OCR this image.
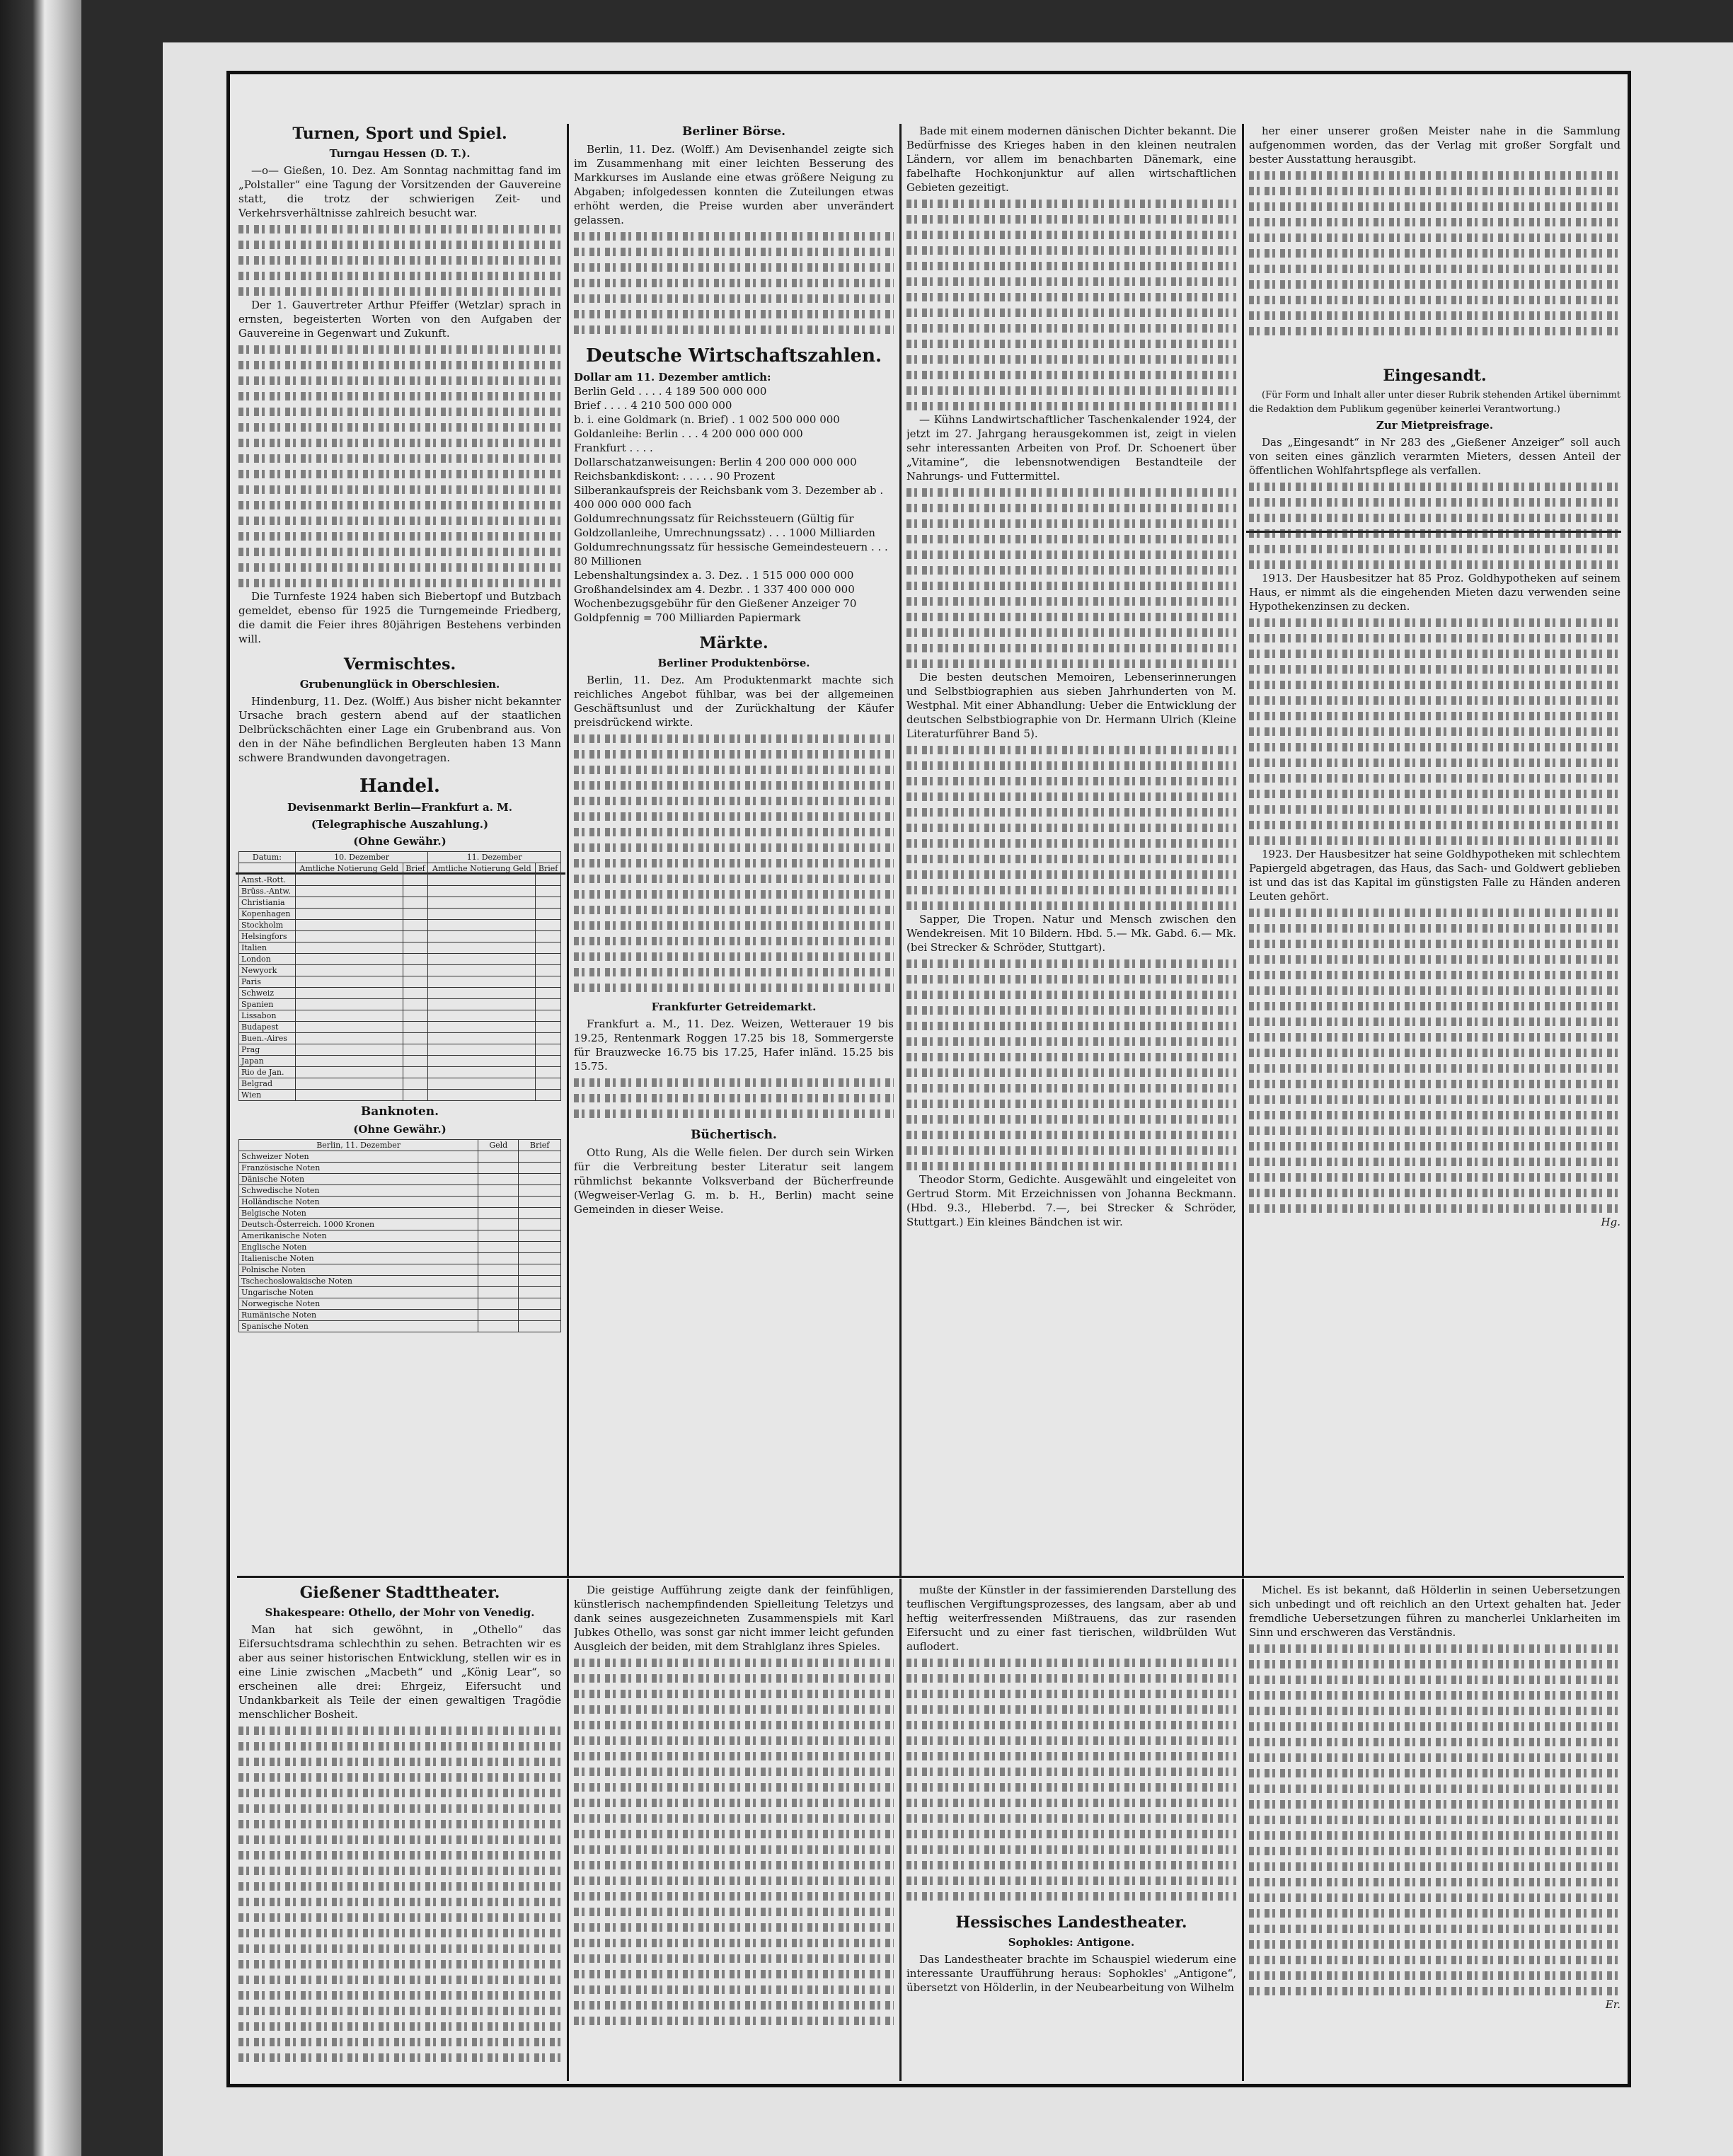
Turnen, Sport und Spiel.
Turngau Hessen (D. T.).

—o— Gießen, 10. Dez. Am Sonntag nachmittag fand im „Polstaller“ eine Tagung der Vorsitzenden der Gauvereine statt, die trotz der schwierigen Zeit- und Verkehrsverhältnisse zahlreich besucht war.

Der 1. Gauvertreter Arthur Pfeiffer (Wetzlar) sprach in ernsten, begeisterten Worten von den Aufgaben der Gauvereine in Gegenwart und Zukunft.

Die Turnfeste 1924 haben sich Biebertopf und Butzbach gemeldet, ebenso für 1925 die Turngemeinde Friedberg, die damit die Feier ihres 80jährigen Bestehens verbinden will.

Vermischtes.
Grubenunglück in Oberschlesien.

Hindenburg, 11. Dez. (Wolff.) Aus bisher nicht bekannter Ursache brach gestern abend auf der staatlichen Delbrückschächten einer Lage ein Grubenbrand aus. Von den in der Nähe befindlichen Bergleuten haben 13 Mann schwere Brandwunden davongetragen.

Handel.
Devisenmarkt Berlin—Frankfurt a. M.
(Telegraphische Auszahlung.)
(Ohne Gewähr.)
Datum:	10. Dezember		11. Dezember	
	Amtliche Notierung Geld	Brief	Amtliche Notierung Geld	Brief
Amst.-Rott.				
Brüss.-Antw.				
Christiania				
Kopenhagen				
Stockholm				
Helsingfors				
Italien				
London				
Newyork				
Paris				
Schweiz				
Spanien				
Lissabon				
Budapest				
Buen.-Aires				
Prag				
Japan				
Rio de Jan.				
Belgrad				
Wien				
Banknoten.
(Ohne Gewähr.)
Berlin, 11. Dezember	Geld	Brief
Schweizer Noten		
Französische Noten		
Dänische Noten		
Schwedische Noten		
Holländische Noten		
Belgische Noten		
Deutsch-Österreich. 1000 Kronen		
Amerikanische Noten		
Englische Noten		
Italienische Noten		
Polnische Noten		
Tschechoslowakische Noten		
Ungarische Noten		
Norwegische Noten		
Rumänische Noten		
Spanische Noten		
Berliner Börse.

Berlin, 11. Dez. (Wolff.) Am Devisenhandel zeigte sich im Zusammenhang mit einer leichten Besserung des Markkurses im Auslande eine etwas größere Neigung zu Abgaben; infolgedessen konnten die Zuteilungen etwas erhöht werden, die Preise wurden aber unverändert gelassen.

Deutsche Wirtschaftszahlen.
Dollar am 11. Dezember amtlich:
Berlin Geld . . . . 4 189 500 000 000
Brief . . . . 4 210 500 000 000
b. i. eine Goldmark (n. Brief) . 1 002 500 000 000
Goldanleihe: Berlin . . . 4 200 000 000 000
Frankfurt . . . .
Dollarschatzanweisungen: Berlin 4 200 000 000 000
Reichsbankdiskont: . . . . . 90 Prozent
Silberankaufspreis der Reichsbank vom 3. Dezember ab . 400 000 000 000 fach
Goldumrechnungssatz für Reichssteuern (Gültig für Goldzollanleihe, Umrechnungssatz) . . . 1000 Milliarden
Goldumrechnungssatz für hessische Gemeindesteuern . . . 80 Millionen
Lebenshaltungsindex a. 3. Dez. . 1 515 000 000 000
Großhandelsindex am 4. Dezbr. . 1 337 400 000 000
Wochenbezugsgebühr für den Gießener Anzeiger 70 Goldpfennig = 700 Milliarden Papiermark
Märkte.
Berliner Produktenbörse.

Berlin, 11. Dez. Am Produktenmarkt machte sich reichliches Angebot fühlbar, was bei der allgemeinen Geschäftsunlust und der Zurückhaltung der Käufer preisdrückend wirkte.

Frankfurter Getreidemarkt.

Frankfurt a. M., 11. Dez. Weizen, Wetterauer 19 bis 19.25, Rentenmark Roggen 17.25 bis 18, Sommergerste für Brauzwecke 16.75 bis 17.25, Hafer inländ. 15.25 bis 15.75.

Büchertisch.

Otto Rung, Als die Welle fielen. Der durch sein Wirken für die Verbreitung bester Literatur seit langem rühmlichst bekannte Volksverband der Bücherfreunde (Wegweiser-Verlag G. m. b. H., Berlin) macht seine Gemeinden in dieser Weise.

Bade mit einem modernen dänischen Dichter bekannt. Die Bedürfnisse des Krieges haben in den kleinen neutralen Ländern, vor allem im benachbarten Dänemark, eine fabelhafte Hochkonjunktur auf allen wirtschaftlichen Gebieten gezeitigt.

— Kühns Landwirtschaftlicher Taschenkalender 1924, der jetzt im 27. Jahrgang herausgekommen ist, zeigt in vielen sehr interessanten Arbeiten von Prof. Dr. Schoenert über „Vitamine“, die lebensnotwendigen Bestandteile der Nahrungs- und Futtermittel.

Die besten deutschen Memoiren, Lebenserinnerungen und Selbstbiographien aus sieben Jahrhunderten von M. Westphal. Mit einer Abhandlung: Ueber die Entwicklung der deutschen Selbstbiographie von Dr. Hermann Ulrich (Kleine Literaturführer Band 5).

Sapper, Die Tropen. Natur und Mensch zwischen den Wendekreisen. Mit 10 Bildern. Hbd. 5.— Mk. Gabd. 6.— Mk. (bei Strecker & Schröder, Stuttgart).

Theodor Storm, Gedichte. Ausgewählt und eingeleitet von Gertrud Storm. Mit Erzeichnissen von Johanna Beckmann. (Hbd. 9.3., Hleberbd. 7.—, bei Strecker & Schröder, Stuttgart.) Ein kleines Bändchen ist wir.

her einer unserer großen Meister nahe in die Sammlung aufgenommen worden, das der Verlag mit großer Sorgfalt und bester Ausstattung herausgibt.

Eingesandt.

(Für Form und Inhalt aller unter dieser Rubrik stehenden Artikel übernimmt die Redaktion dem Publikum gegenüber keinerlei Verantwortung.)

Zur Mietpreisfrage.

Das „Eingesandt“ in Nr 283 des „Gießener Anzeiger“ soll auch von seiten eines gänzlich verarmten Mieters, dessen Anteil der öffentlichen Wohlfahrtspflege als verfallen.

1913. Der Hausbesitzer hat 85 Proz. Goldhypotheken auf seinem Haus, er nimmt als die eingehenden Mieten dazu verwenden seine Hypothekenzinsen zu decken.

1923. Der Hausbesitzer hat seine Goldhypotheken mit schlechtem Papiergeld abgetragen, das Haus, das Sach- und Goldwert geblieben ist und das ist das Kapital im günstigsten Falle zu Händen anderen Leuten gehört.

Hg.
Gießener Stadttheater.
Shakespeare: Othello, der Mohr von Venedig.

Man hat sich gewöhnt, in „Othello“ das Eifersuchtsdrama schlechthin zu sehen. Betrachten wir es aber aus seiner historischen Entwicklung, stellen wir es in eine Linie zwischen „Macbeth“ und „König Lear“, so erscheinen alle drei: Ehrgeiz, Eifersucht und Undankbarkeit als Teile der einen gewaltigen Tragödie menschlicher Bosheit.

Die geistige Aufführung zeigte dank der feinfühligen, künstlerisch nachempfindenden Spielleitung Teletzys und dank seines ausgezeichneten Zusammenspiels mit Karl Jubkes Othello, was sonst gar nicht immer leicht gefunden Ausgleich der beiden, mit dem Strahlglanz ihres Spieles.

mußte der Künstler in der fassimierenden Darstellung des teuflischen Vergiftungsprozesses, des langsam, aber ab und heftig weiterfressenden Mißtrauens, das zur rasenden Eifersucht und zu einer fast tierischen, wildbrülden Wut auflodert.

Hessisches Landestheater.
Sophokles: Antigone.

Das Landestheater brachte im Schauspiel wiederum eine interessante Uraufführung heraus: Sophokles' „Antigone“, übersetzt von Hölderlin, in der Neubearbeitung von Wilhelm

Michel. Es ist bekannt, daß Hölderlin in seinen Uebersetzungen sich unbedingt und oft reichlich an den Urtext gehalten hat. Jeder fremdliche Uebersetzungen führen zu mancherlei Unklarheiten im Sinn und erschweren das Verständnis.

Er.
